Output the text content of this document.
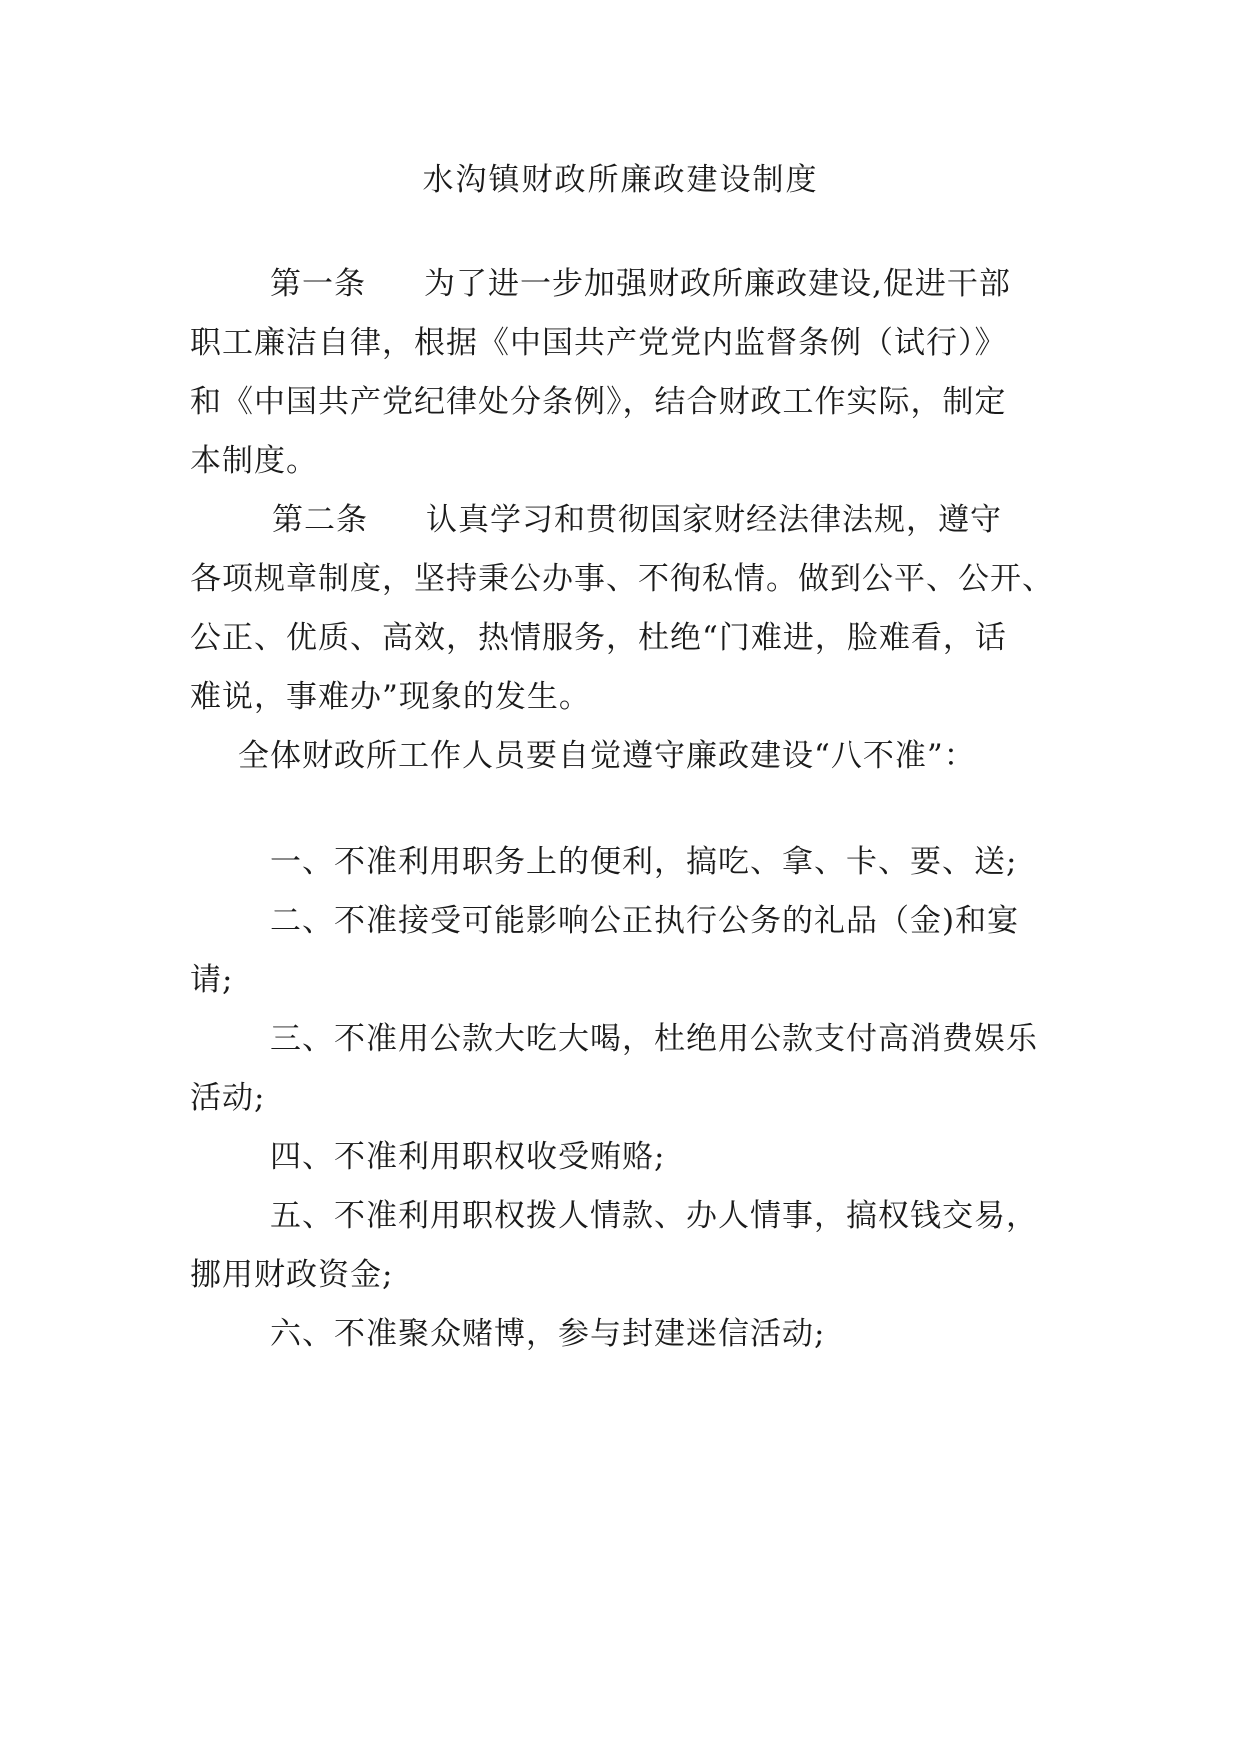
水沟镇财政所廉政建设制度
第一条 为了进一步加强财政所廉政建设,促进干部
职工廉洁自律，根据《中国共产党党内监督条例（试行）》
和《中国共产党纪律处分条例》，结合财政工作实际，制定
本制度。
第二条 认真学习和贯彻国家财经法律法规，遵守
各项规章制度，坚持秉公办事、不徇私情。做到公平、公开、
公正、优质、高效，热情服务，杜绝“门难进，脸难看，话
难说，事难办”现象的发生。
全体财政所工作人员要自觉遵守廉政建设“八不准”：
一、不准利用职务上的便利，搞吃、拿、卡、要、送;
二、不准接受可能影响公正执行公务的礼品（金)和宴
请;
三、不准用公款大吃大喝，杜绝用公款支付高消费娱乐
活动;
四、不准利用职权收受贿赂;
五、不准利用职权拨人情款、办人情事，搞权钱交易，
挪用财政资金;
六、不准聚众赌博，参与封建迷信活动;
